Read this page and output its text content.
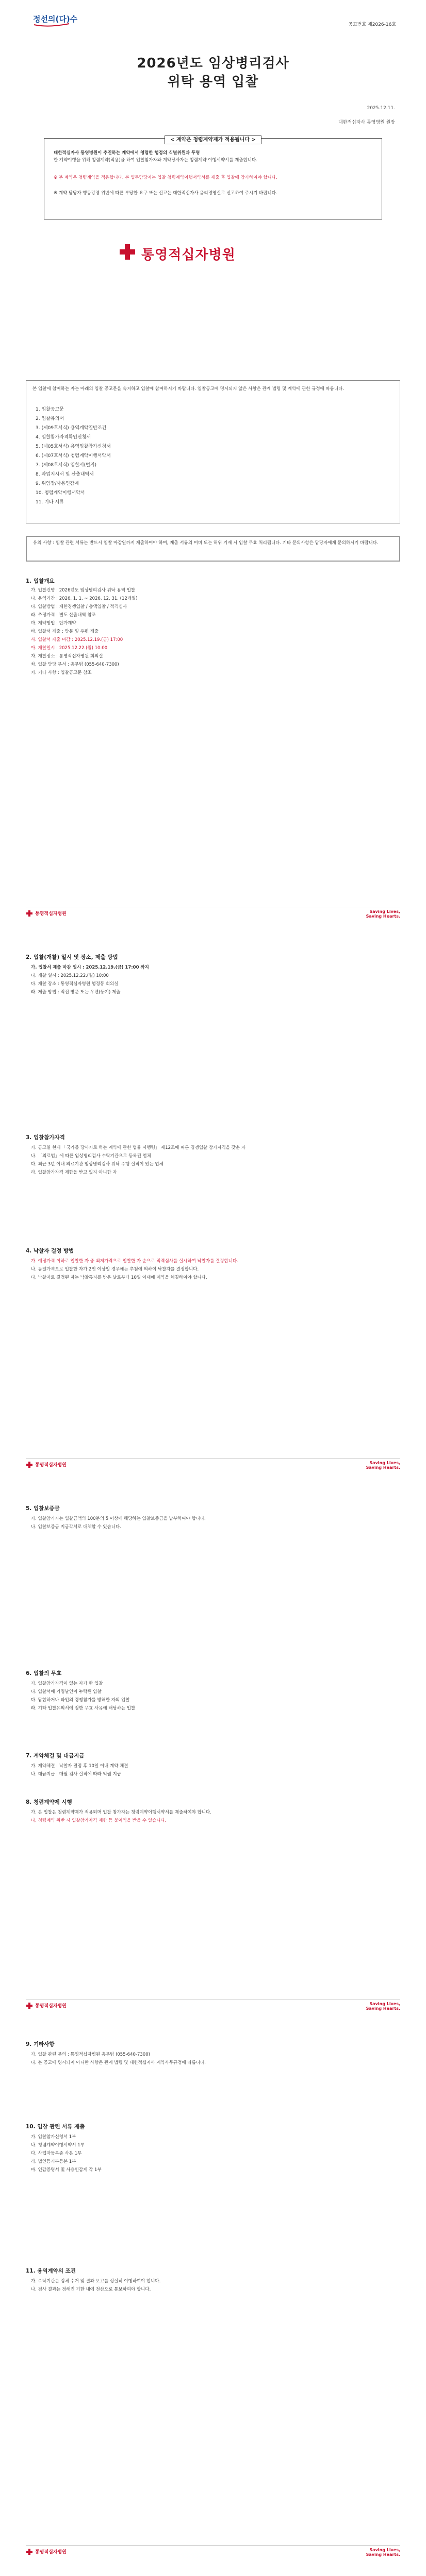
정선의(다)수
공고번호 제2026-16호
2026년도 임상병리검사
위탁 용역 입찰
2025.12.11.
대한적십자사 통영병원 원장
< 계약은 청렴계약제가 적용됩니다 >
대한적십자사 통영병원이 추진하는 계약에서 청렴한 행정의 식별위원과 투명
한 계약이행을 위해 청렴계약(적용)을 하여 입찰참가자와 계약당사자는 청렴계약 이행서약서를 제출합니다.
※ 본 계약은 청렴계약을 적용합니다. 본 업무담당자는 입찰 청렴계약이행서약서를 제출 후 입찰에 참가하여야 합니다.
※ 계약 담당자 행동강령 위반에 따른 부당한 요구 또는 신고는 대한적십자사 윤리경영실로 신고하여 주시기 바랍니다.
통영적십자병원
본 입찰에 참여하는 자는 아래의 입찰 공고문을 숙지하고 입찰에 참여하시기 바랍니다. 입찰공고에 명시되지 않은 사항은 관계 법령 및 계약에 관한 규정에 따릅니다.
1. 입찰공고문
2. 입찰유의서
3. (제09호서식) 용역계약일반조건
4. 입찰참가자격확인신청서
5. (제05호서식) 용역입찰참가신청서
6. (제07호서식) 청렴계약이행서약서
7. (제08호서식) 입찰서(별지)
8. 과업지시서 및 산출내역서
9. 위임장/사용인감계
10. 청렴계약이행서약서
11. 기타 서류
유의 사항 : 입찰 관련 서류는 반드시 입찰 마감일까지 제출하여야 하며, 제출 서류의 미비 또는 허위 기재 시 입찰 무효 처리됩니다. 기타 문의사항은 담당자에게 문의하시기 바랍니다.
1. 입찰개요
가. 입찰건명 : 2026년도 임상병리검사 위탁 용역 입찰
나. 용역기간 : 2026. 1. 1. ~ 2026. 12. 31. (12개월)
다. 입찰방법 : 제한경쟁입찰 / 총액입찰 / 적격심사
라. 추정가격 : 별도 산출내역 참조
마. 계약방법 : 단가계약
바. 입찰서 제출 : 방문 및 우편 제출
사. 입찰서 제출 마감 : 2025.12.19.(금) 17:00
아. 개찰일시 : 2025.12.22.(월) 10:00
자. 개찰장소 : 통영적십자병원 회의실
차. 입찰 담당 부서 : 총무팀 (055-640-7300)
카. 기타 사항 : 입찰공고문 참조
통영적십자병원	Saving Lives,
Saving Hearts.
2. 입찰(개찰) 일시 및 장소, 제출 방법
가. 입찰서 제출 마감 일시 : 2025.12.19.(금) 17:00 까지
나. 개찰 일시 : 2025.12.22.(월) 10:00
다. 개찰 장소 : 통영적십자병원 행정동 회의실
라. 제출 방법 : 직접 방문 또는 우편(등기) 제출
3. 입찰참가자격
가. 공고일 현재 「국가를 당사자로 하는 계약에 관한 법률 시행령」 제12조에 따른 경쟁입찰 참가자격을 갖춘 자
나. 「의료법」에 따른 임상병리검사 수탁기관으로 등록된 업체
다. 최근 3년 이내 의료기관 임상병리검사 위탁 수행 실적이 있는 업체
라. 입찰참가자격 제한을 받고 있지 아니한 자
4. 낙찰자 결정 방법
가. 예정가격 이하로 입찰한 자 중 최저가격으로 입찰한 자 순으로 적격심사를 실시하여 낙찰자를 결정합니다.
나. 동일가격으로 입찰한 자가 2인 이상일 경우에는 추첨에 의하여 낙찰자를 결정합니다.
다. 낙찰자로 결정된 자는 낙찰통지를 받은 날로부터 10일 이내에 계약을 체결하여야 합니다.
통영적십자병원	Saving Lives,
Saving Hearts.
5. 입찰보증금
가. 입찰참가자는 입찰금액의 100분의 5 이상에 해당하는 입찰보증금을 납부하여야 합니다.
나. 입찰보증금 지급각서로 대체할 수 있습니다.
6. 입찰의 무효
가. 입찰참가자격이 없는 자가 한 입찰
나. 입찰서에 기명날인이 누락된 입찰
다. 담합하거나 타인의 경쟁참가를 방해한 자의 입찰
라. 기타 입찰유의서에 정한 무효 사유에 해당하는 입찰
7. 계약체결 및 대금지급
가. 계약체결 : 낙찰자 결정 후 10일 이내 계약 체결
나. 대금지급 : 매월 검사 실적에 따라 익월 지급
8. 청렴계약제 시행
가. 본 입찰은 청렴계약제가 적용되며 입찰 참가자는 청렴계약이행서약서를 제출하여야 합니다.
나. 청렴계약 위반 시 입찰참가자격 제한 등 불이익을 받을 수 있습니다.
통영적십자병원	Saving Lives,
Saving Hearts.
9. 기타사항
가. 입찰 관련 문의 : 통영적십자병원 총무팀 (055-640-7300)
나. 본 공고에 명시되지 아니한 사항은 관계 법령 및 대한적십자사 계약사무규정에 따릅니다.
10. 입찰 관련 서류 제출
가. 입찰참가신청서 1부
나. 청렴계약이행서약서 1부
다. 사업자등록증 사본 1부
라. 법인등기부등본 1부
마. 인감증명서 및 사용인감계 각 1부
11. 용역계약의 조건
가. 수탁기관은 검체 수거 및 결과 보고를 성실히 이행하여야 합니다.
나. 검사 결과는 정해진 기한 내에 전산으로 통보하여야 합니다.
통영적십자병원	Saving Lives,
Saving Hearts.
